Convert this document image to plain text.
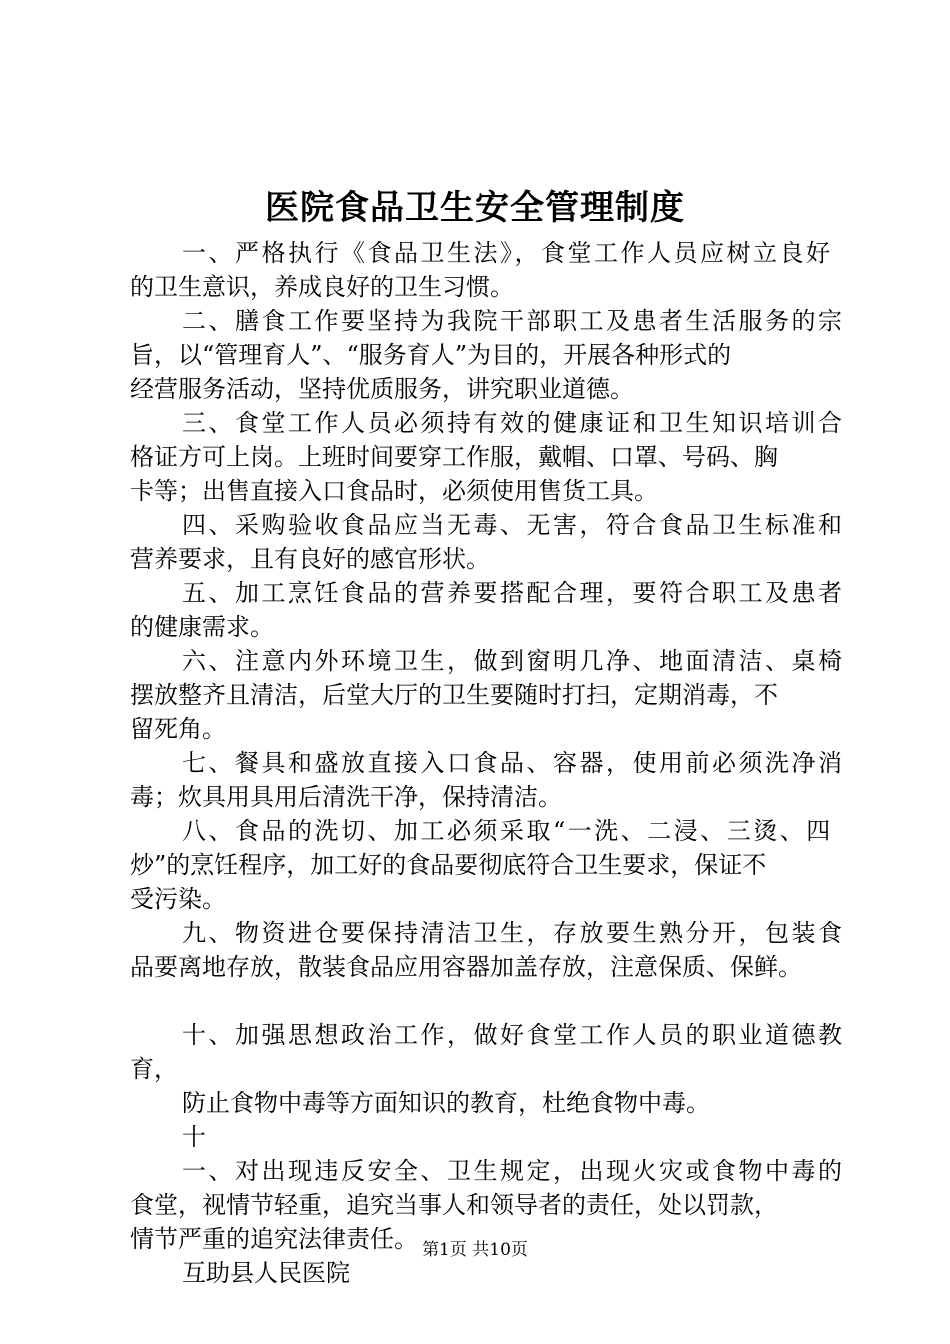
医院食品卫生安全管理制度
一、严格执行《食品卫生法》，食堂工作人员应树立良好
的卫生意识，养成良好的卫生习惯。
二、膳食工作要坚持为我院干部职工及患者生活服务的宗
旨，以“管理育人”、“服务育人”为目的，开展各种形式的
经营服务活动，坚持优质服务，讲究职业道德。
三、食堂工作人员必须持有效的健康证和卫生知识培训合
格证方可上岗。上班时间要穿工作服，戴帽、口罩、号码、胸
卡等；出售直接入口食品时，必须使用售货工具。
四、采购验收食品应当无毒、无害，符合食品卫生标准和
营养要求，且有良好的感官形状。
五、加工烹饪食品的营养要搭配合理，要符合职工及患者
的健康需求。
六、注意内外环境卫生，做到窗明几净、地面清洁、桌椅
摆放整齐且清洁，后堂大厅的卫生要随时打扫，定期消毒，不
留死角。
七、餐具和盛放直接入口食品、容器，使用前必须洗净消
毒；炊具用具用后清洗干净，保持清洁。
八、食品的洗切、加工必须采取“一洗、二浸、三烫、四
炒”的烹饪程序，加工好的食品要彻底符合卫生要求，保证不
受污染。
九、物资进仓要保持清洁卫生，存放要生熟分开，包装食
品要离地存放，散装食品应用容器加盖存放，注意保质、保鲜。
十、加强思想政治工作，做好食堂工作人员的职业道德教
育，
防止食物中毒等方面知识的教育，杜绝食物中毒。
十
一、对出现违反安全、卫生规定，出现火灾或食物中毒的
食堂，视情节轻重，追究当事人和领导者的责任，处以罚款，
情节严重的追究法律责任。
互助县人民医院
第1页 共10页
